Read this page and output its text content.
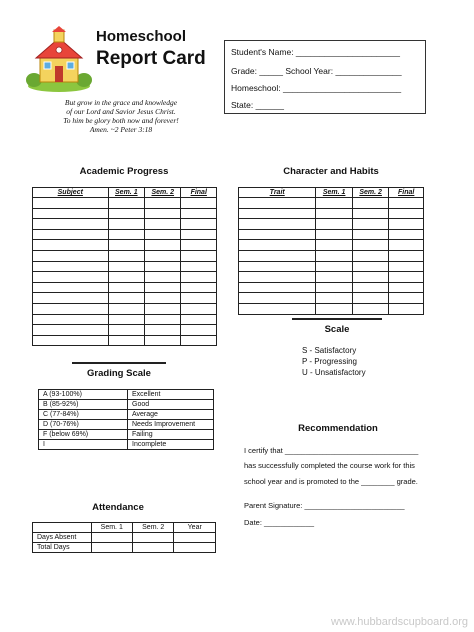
Homeschool
Report Card	Student's Name: ______________________
Grade: _____ School Year: ______________
Homeschool: _________________________
State: ______
But grow in the grace and knowledge
of our Lord and Savior Jesus Christ.
To him be glory both now and forever!
Amen. ~2 Peter 3:18
Academic Progress
Subject	Sem. 1	Sem. 2	Final

Character and Habits
Trait	Sem. 1	Sem. 2	Final

Scale
S - Satisfactory
P - Progressing
U - Unsatisfactory
Grading Scale
A (93-100%)	Excellent
B (85-92%)	Good
C (77-84%)	Average
D (70-76%)	Needs Improvement
F (below 69%)	Failing
I	Incomplete
Recommendation
I certify that ________________________________
has successfully completed the course work for this
school year and is promoted to the ________ grade.
Parent Signature: ________________________
Date: ____________
Attendance
	Sem. 1	Sem. 2	Year
Days Absent			
Total Days			
www.hubbardscupboard.org
